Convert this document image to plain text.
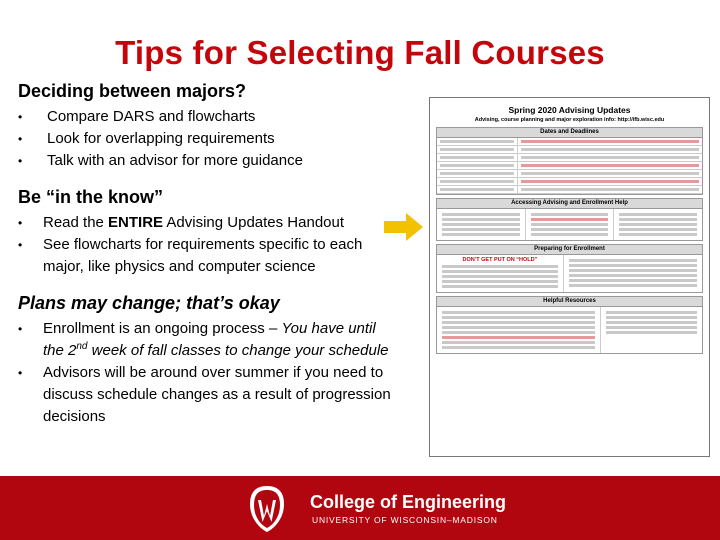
Tips for Selecting Fall Courses
Deciding between majors?
• Compare DARS and flowcharts
• Look for overlapping requirements
• Talk with an advisor for more guidance
Be “in the know”
• Read the ENTIRE Advising Updates Handout
• See flowcharts for requirements specific to each major, like physics and computer science
Plans may change; that’s okay
• Enrollment is an ongoing process – You have until the 2nd week of fall classes to change your schedule
• Advisors will be around over summer if you need to discuss schedule changes as a result of progression decisions
Spring 2020 Advising Updates
Advising, course planning and major exploration info: http://ifb.wisc.edu
Dates and Deadlines
Accessing Advising and Enrollment Help
Preparing for Enrollment
DON’T GET PUT ON “HOLD”
Helpful Resources
College of Engineering
UNIVERSITY OF WISCONSIN–MADISON
